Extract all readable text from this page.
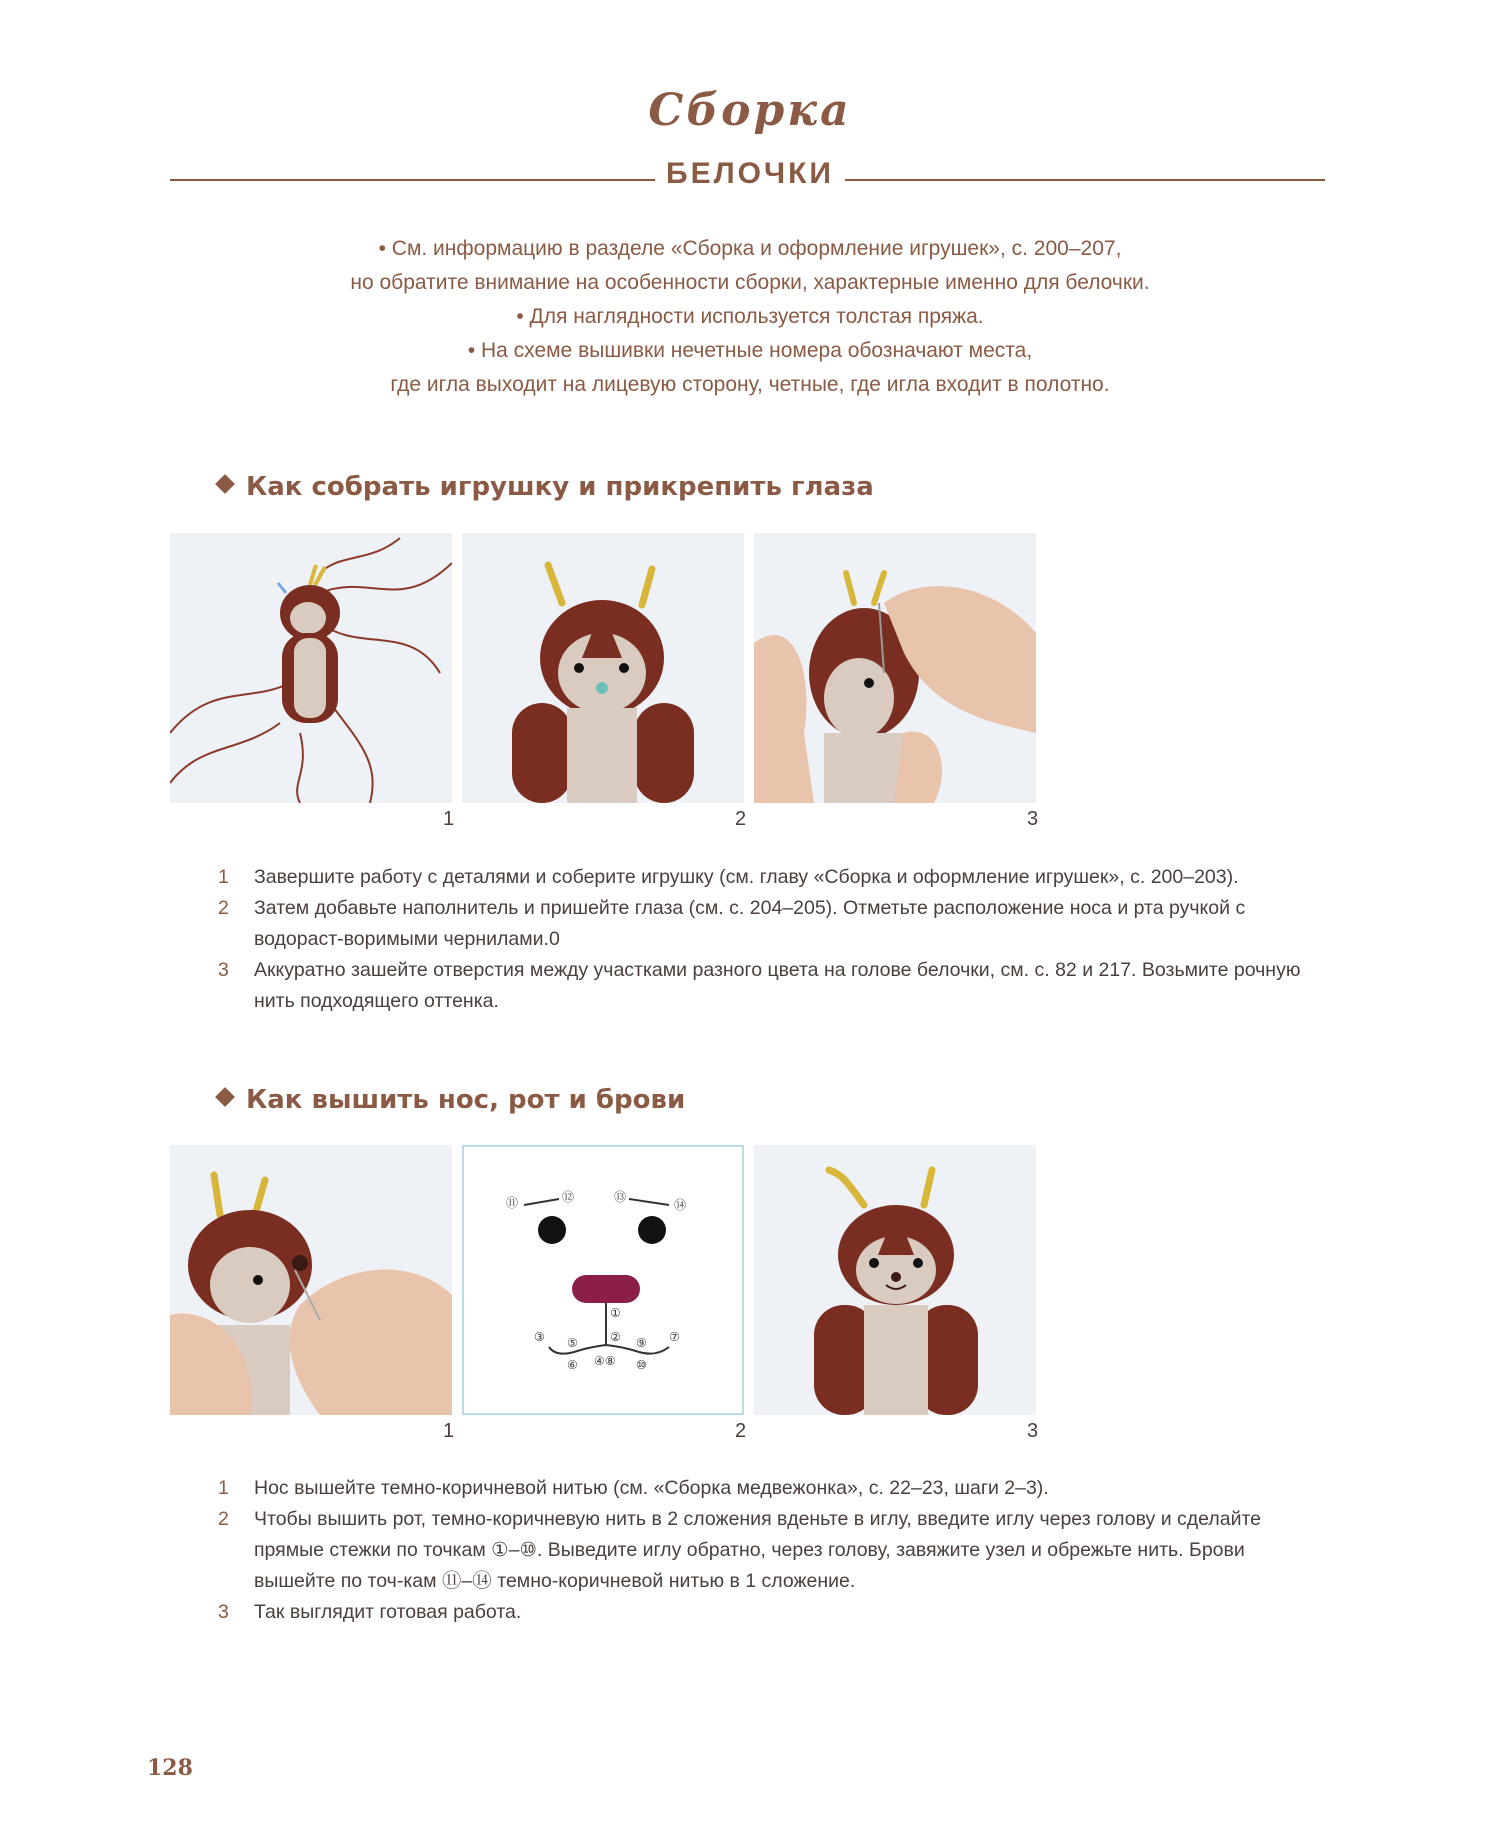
Сборка
БЕЛОЧКИ

• См. информацию в разделе «Сборка и оформление игрушек», с. 200–207,

но обратите внимание на особенности сборки, характерные именно для белочки.

• Для наглядности используется толстая пряжа.

• На схеме вышивки нечетные номера обозначают места,

где игла выходит на лицевую сторону, четные, где игла входит в полотно.

Как собрать игрушку и прикрепить глаза
1	2	3
1 Завершите работу с деталями и соберите игрушку (см. главу «Сборка и оформление игрушек», с. 200–203).
2 Затем добавьте наполнитель и пришейте глаза (см. с. 204–205). Отметьте расположение носа и рта ручкой с водораст-воримыми чернилами.0
3 Аккуратно зашейте отверстия между участками разного цвета на голове белочки, см. с. 82 и 217. Возьмите рочную нить подходящего оттенка.
Как вышить нос, рот и брови
⑪	⑫	⑬
⑭
①
②
③ ⑤
⑥ ④⑧
⑨
⑩
⑦
1	2	3
1 Нос вышейте темно-коричневой нитью (см. «Сборка медвежонка», с. 22–23, шаги 2–3).
2 Чтобы вышить рот, темно-коричневую нить в 2 сложения вденьте в иглу, введите иглу через голову и сделайте прямые стежки по точкам ①–⑩. Выведите иглу обратно, через голову, завяжите узел и обрежьте нить. Брови вышейте по точ-кам ⑪–⑭ темно-коричневой нитью в 1 сложение.
3 Так выглядит готовая работа.
128
